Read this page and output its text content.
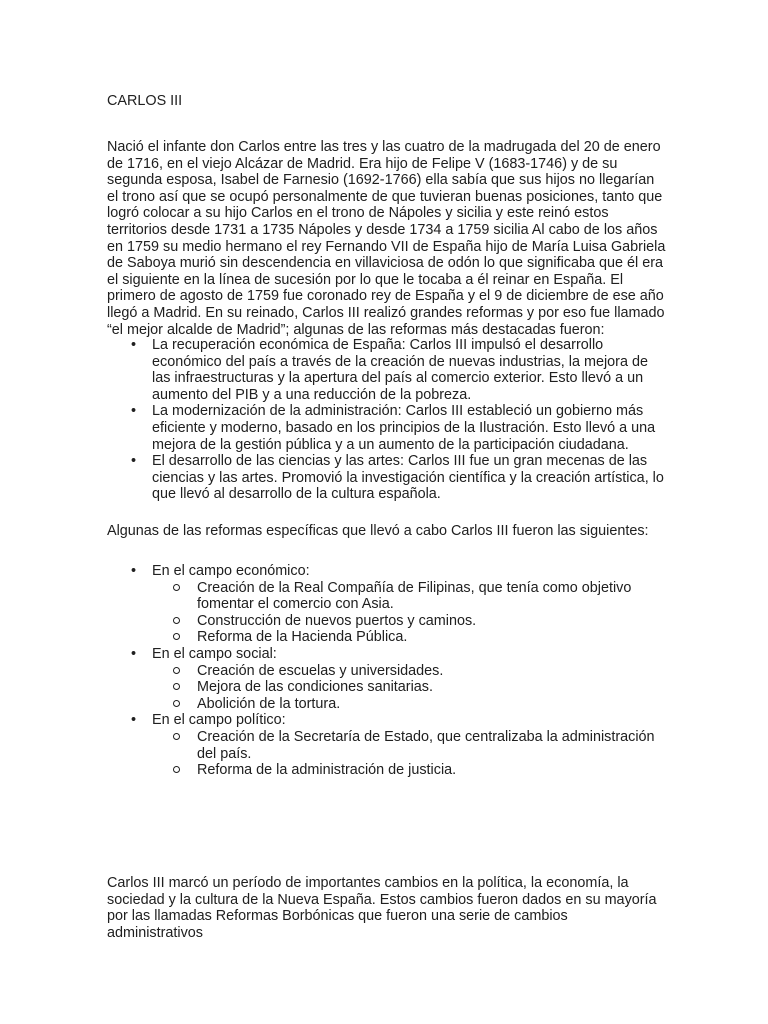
CARLOS III

Nació el infante don Carlos entre las tres y las cuatro de la madrugada del 20 de enero de 1716, en el viejo Alcázar de Madrid. Era hijo de Felipe V (1683-1746) y de su segunda esposa, Isabel de Farnesio (1692-1766) ella sabía que sus hijos no llegarían el trono así que se ocupó personalmente de que tuvieran buenas posiciones, tanto que logró colocar a su hijo Carlos en el trono de Nápoles y sicilia y este reinó estos territorios desde 1731 a 1735 Nápoles y desde 1734 a 1759 sicilia Al cabo de los años en 1759 su medio hermano el rey Fernando VII de España hijo de María Luisa Gabriela de Saboya murió sin descendencia en villaviciosa de odón lo que significaba que él era el siguiente en la línea de sucesión por lo que le tocaba a él reinar en España. El primero de agosto de 1759 fue coronado rey de España y el 9 de diciembre de ese año llegó a Madrid. En su reinado, Carlos III realizó grandes reformas y por eso fue llamado “el mejor alcalde de Madrid”; algunas de las reformas más destacadas fueron:

• La recuperación económica de España: Carlos III impulsó el desarrollo económico del país a través de la creación de nuevas industrias, la mejora de las infraestructuras y la apertura del país al comercio exterior. Esto llevó a un aumento del PIB y a una reducción de la pobreza.
• La modernización de la administración: Carlos III estableció un gobierno más eficiente y moderno, basado en los principios de la Ilustración. Esto llevó a una mejora de la gestión pública y a un aumento de la participación ciudadana.
• El desarrollo de las ciencias y las artes: Carlos III fue un gran mecenas de las ciencias y las artes. Promovió la investigación científica y la creación artística, lo que llevó al desarrollo de la cultura española.

Algunas de las reformas específicas que llevó a cabo Carlos III fueron las siguientes:

• En el campo económico:
Creación de la Real Compañía de Filipinas, que tenía como objetivo fomentar el comercio con Asia.
Construcción de nuevos puertos y caminos.
Reforma de la Hacienda Pública.
• En el campo social:
Creación de escuelas y universidades.
Mejora de las condiciones sanitarias.
Abolición de la tortura.
• En el campo político:
Creación de la Secretaría de Estado, que centralizaba la administración del país.
Reforma de la administración de justicia.

Carlos III marcó un período de importantes cambios en la política, la economía, la sociedad y la cultura de la Nueva España. Estos cambios fueron dados en su mayoría por las llamadas Reformas Borbónicas que fueron una serie de cambios administrativos
